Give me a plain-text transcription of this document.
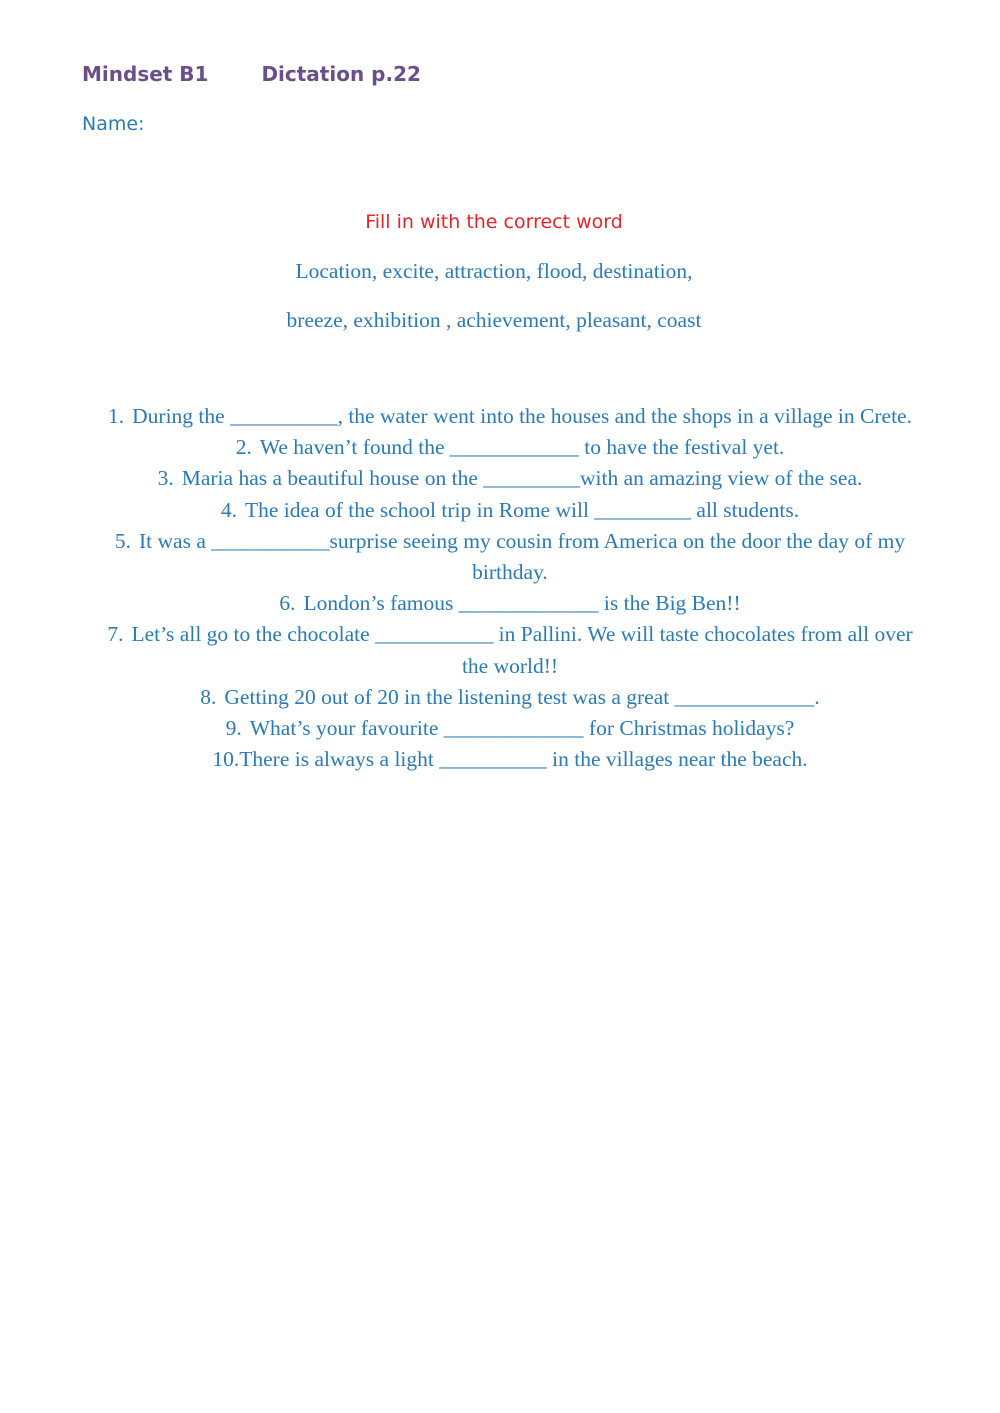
Mindset B1	Dictation p.22
Name:
Fill in with the correct word
Location, excite, attraction, flood, destination,
breeze, exhibition , achievement, pleasant, coast
1. During the __________, the water went into the houses and the shops in a village in Crete.
2. We haven’t found the ____________ to have the festival yet.
3. Maria has a beautiful house on the _________with an amazing view of the sea.
4. The idea of the school trip in Rome will _________ all students.
5. It was a ___________surprise seeing my cousin from America on the door the day of my birthday.
6. London’s famous _____________ is the Big Ben!!
7. Let’s all go to the chocolate ___________ in Pallini. We will taste chocolates from all over the world!!
8. Getting 20 out of 20 in the listening test was a great _____________.
9. What’s your favourite _____________ for Christmas holidays?
10.There is always a light __________ in the villages near the beach.
